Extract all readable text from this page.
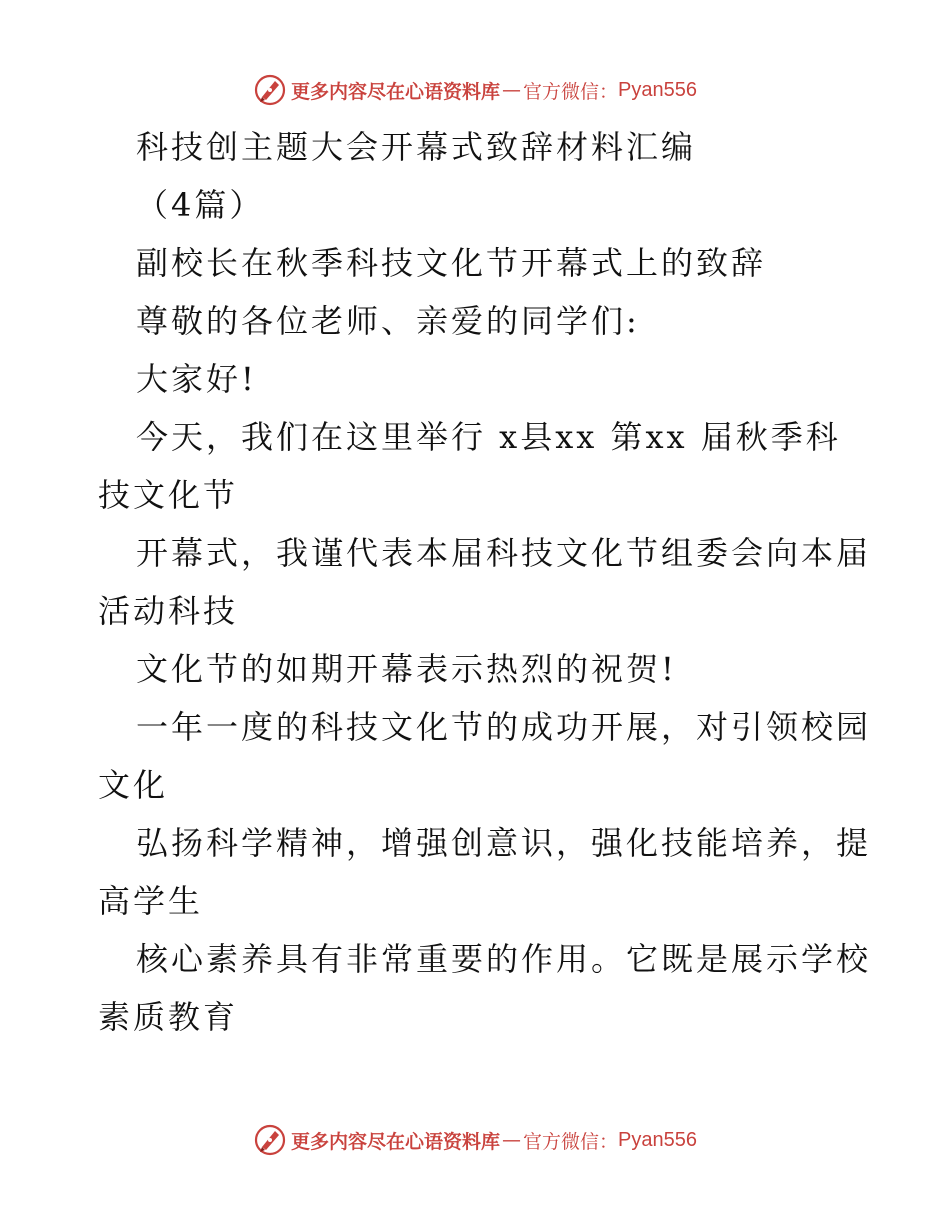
更多内容尽在心语资料库 — 官方微信： Pyan556
科技创主题大会开幕式致辞材料汇编
（4篇）
副校长在秋季科技文化节开幕式上的致辞
尊敬的各位老师、亲爱的同学们:
大家好!
今天，我们在这里举行 x县xx 第xx 届秋季科
技文化节
开幕式，我谨代表本届科技文化节组委会向本届
活动科技
文化节的如期开幕表示热烈的祝贺!
一年一度的科技文化节的成功开展，对引领校园
文化
弘扬科学精神，增强创意识，强化技能培养，提
高学生
核心素养具有非常重要的作用。它既是展示学校
素质教育
更多内容尽在心语资料库 — 官方微信： Pyan556
